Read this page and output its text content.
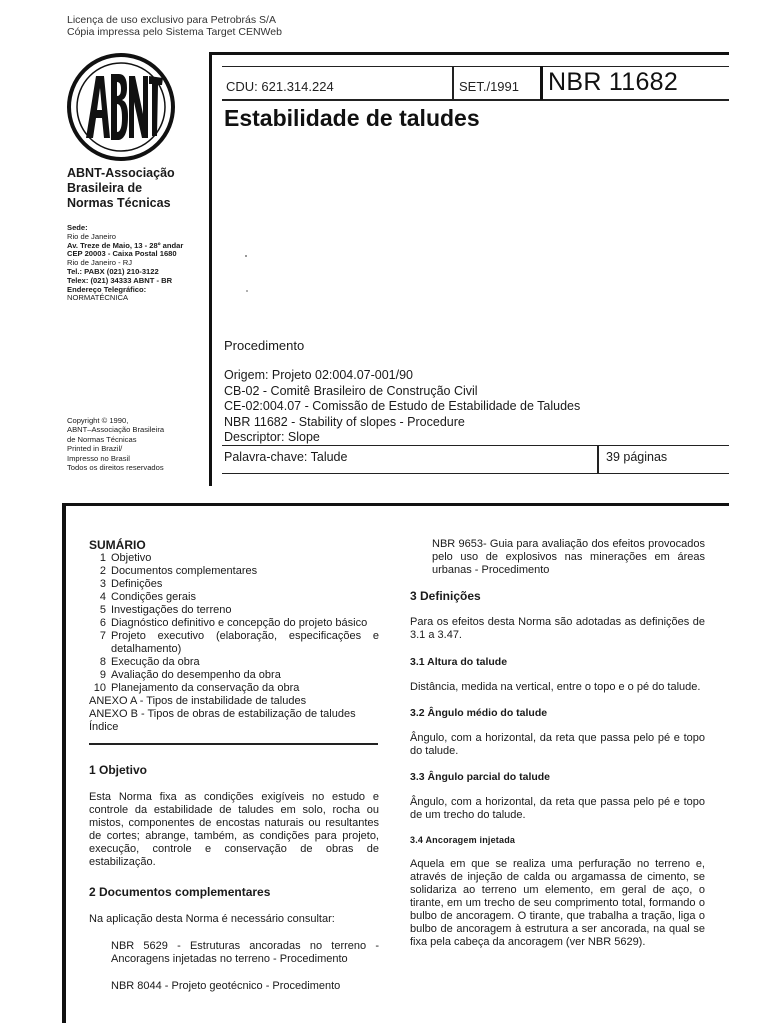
Licença de uso exclusivo para Petrobrás S/A
Cópia impressa pelo Sistema Target CENWeb
ABNT-Associação
Brasileira de
Normas Técnicas
Sede:
Rio de Janeiro
Av. Treze de Maio, 13 - 28º andar
CEP 20003 - Caixa Postal 1680
Rio de Janeiro - RJ
Tel.: PABX (021) 210-3122
Telex: (021) 34333 ABNT - BR
Endereço Telegráfico:
NORMATÉCNICA
Copyright © 1990,
ABNT–Associação Brasileira
de Normas Técnicas
Printed in Brazil/
Impresso no Brasil
Todos os direitos reservados
CDU: 621.314.224	SET./1991 NBR 11682
Estabilidade de taludes
Procedimento
Origem: Projeto 02:004.07-001/90
CB-02 - Comitê Brasileiro de Construção Civil
CE-02:004.07 - Comissão de Estudo de Estabilidade de Taludes
NBR 11682 - Stability of slopes - Procedure
Descriptor: Slope
Palavra-chave: Talude	39 páginas
SUMÁRIO
1 Objetivo
2 Documentos complementares
3 Definições
4 Condições gerais
5 Investigações do terreno
6 Diagnóstico definitivo e concepção do projeto básico
7 Projeto executivo (elaboração, especificações e detalhamento)
8 Execução da obra
9 Avaliação do desempenho da obra
10 Planejamento da conservação da obra
ANEXO A - Tipos de instabilidade de taludes
ANEXO B - Tipos de obras de estabilização de taludes
Índice
1 Objetivo
Esta Norma fixa as condições exigíveis no estudo e controle da estabilidade de taludes em solo, rocha ou mistos, componentes de encostas naturais ou resultantes de cortes; abrange, também, as condições para projeto, execução, controle e conservação de obras de estabilização.
2 Documentos complementares
Na aplicação desta Norma é necessário consultar:
NBR 5629 - Estruturas ancoradas no terreno - Ancoragens injetadas no terreno - Procedimento
NBR 8044 - Projeto geotécnico - Procedimento
NBR 9653- Guia para avaliação dos efeitos provocados pelo uso de explosivos nas minerações em áreas urbanas - Procedimento
3 Definições
Para os efeitos desta Norma são adotadas as definições de 3.1 a 3.47.
3.1 Altura do talude
Distância, medida na vertical, entre o topo e o pé do talude.
3.2 Ângulo médio do talude
Ângulo, com a horizontal, da reta que passa pelo pé e topo do talude.
3.3 Ângulo parcial do talude
Ângulo, com a horizontal, da reta que passa pelo pé e topo de um trecho do talude.
3.4 Ancoragem injetada
Aquela em que se realiza uma perfuração no terreno e, através de injeção de calda ou argamassa de cimento, se solidariza ao terreno um elemento, em geral de aço, o tirante, em um trecho de seu comprimento total, formando o bulbo de ancoragem. O tirante, que trabalha a tração, liga o bulbo de ancoragem à estrutura a ser ancorada, na qual se fixa pela cabeça da ancoragem (ver NBR 5629).
